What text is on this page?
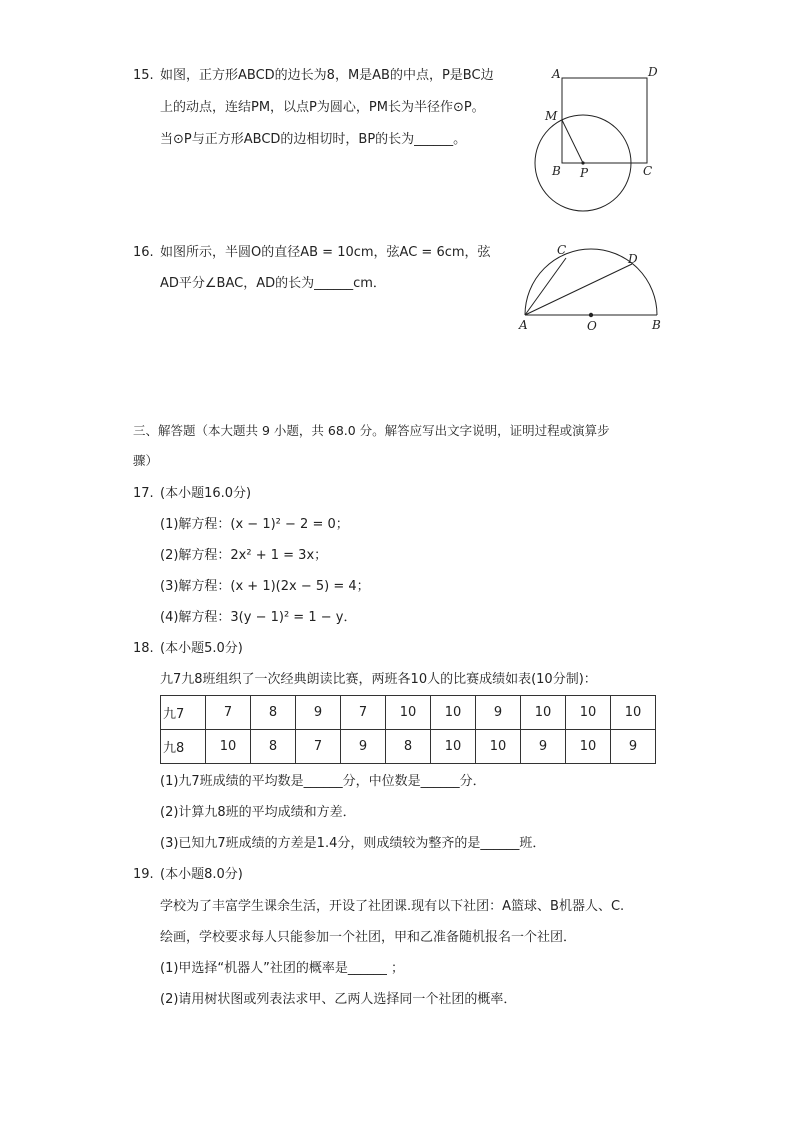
15. 如图，正方形ABCD的边长为8，M是AB的中点，P是BC边
上的动点，连结PM，以点P为圆心，PM长为半径作⊙P。
当⊙P与正方形ABCD的边相切时，BP的长为______。
A	D
M
B P	C
16. 如图所示，半圆O的直径AB = 10cm，弦AC = 6cm，弦
AD平分∠BAC，AD的长为______cm．
A	O	B
C
D
三、解答题（本大题共 9 小题，共 68.0 分。解答应写出文字说明，证明过程或演算步
骤）
17. (本小题16.0分)
(1)解方程：(x − 1)² − 2 = 0；
(2)解方程：2x² + 1 = 3x；
(3)解方程：(x + 1)(2x − 5) = 4；
(4)解方程：3(y − 1)² = 1 − y．
18. (本小题5.0分)
九7九8班组织了一次经典朗读比赛，两班各10人的比赛成绩如表(10分制)：
九7	7	8	9	7	10	10	9	10	10	10
九8	10	8	7	9	8	10	10	9	10	9
(1)九7班成绩的平均数是______分，中位数是______分．
(2)计算九8班的平均成绩和方差．
(3)已知九7班成绩的方差是1.4分，则成绩较为整齐的是______班．
19. (本小题8.0分)
学校为了丰富学生课余生活，开设了社团课.现有以下社团：A篮球、B机器人、C.
绘画，学校要求每人只能参加一个社团，甲和乙准备随机报名一个社团．
(1)甲选择“机器人”社团的概率是______ ；
(2)请用树状图或列表法求甲、乙两人选择同一个社团的概率．
